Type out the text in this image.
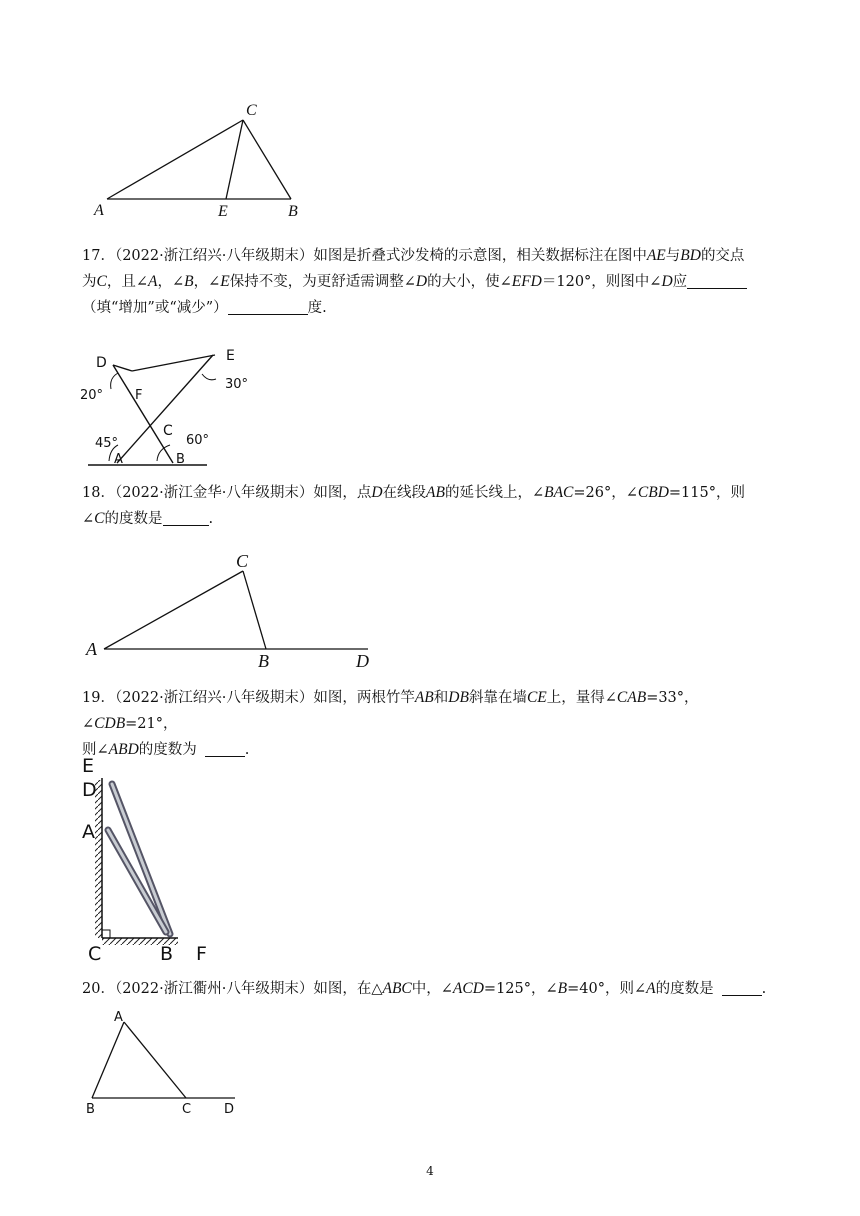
C
A	E	B

17．（2022·浙江绍兴·八年级期末）如图是折叠式沙发椅的示意图，相关数据标注在图中AE与BD的交点

为C，且∠A，∠B，∠E保持不变，为更舒适需调整∠D的大小，使∠EFD＝120°，则图中∠D应

（填“增加”或“减少”）	度.

D	E
F
C
A	B
20°
30°
45°	60°

18．（2022·浙江金华·八年级期末）如图，点D在线段AB的延长线上，∠BAC=26°，∠CBD=115°，则

∠C的度数是	.

C
A
B	D

19．（2022·浙江绍兴·八年级期末）如图，两根竹竿AB和DB斜靠在墙CE上，量得∠CAB=33°，∠CDB=21°，

则∠ABD的度数为	.

E
D
A
C	B F

20．（2022·浙江衢州·八年级期末）如图，在△ABC中，∠ACD=125°，∠B=40°，则∠A的度数是	.

A
B	C	D
4
